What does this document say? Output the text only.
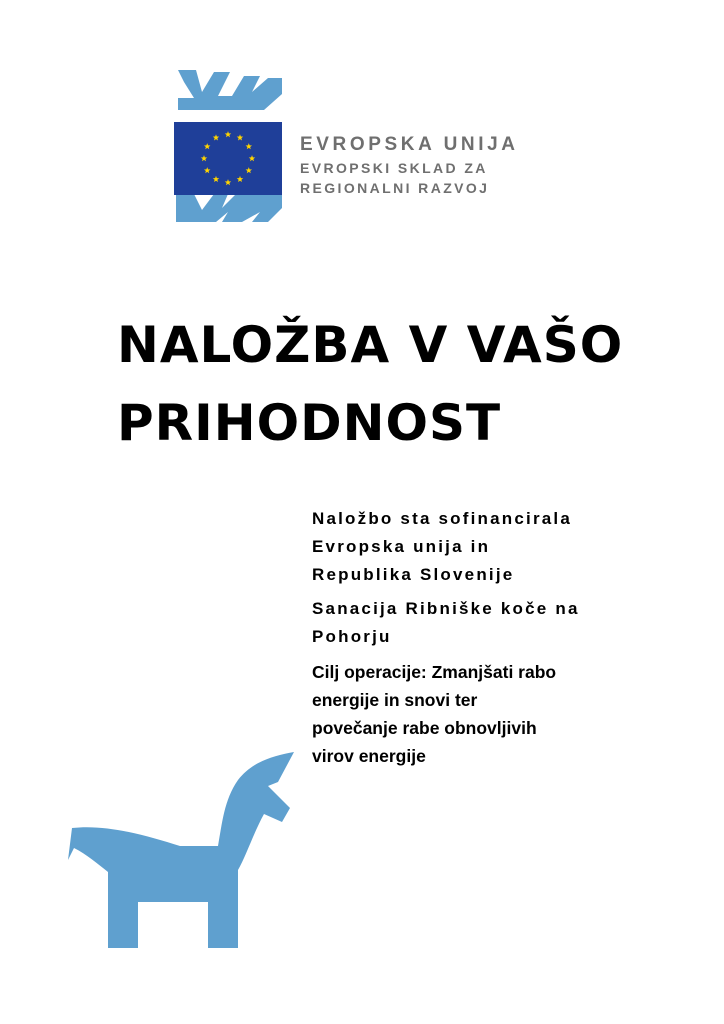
EVROPSKA UNIJA
EVROPSKI SKLAD ZA
REGIONALNI RAZVOJ
NALOŽBA V VAŠO
PRIHODNOST

Naložbo sta sofinancirala
Evropska unija in
Republika Slovenije

Sanacija Ribniške koče na
Pohorju

Cilj operacije: Zmanjšati rabo
energije in snovi ter
povečanje rabe obnovljivih
virov energije
